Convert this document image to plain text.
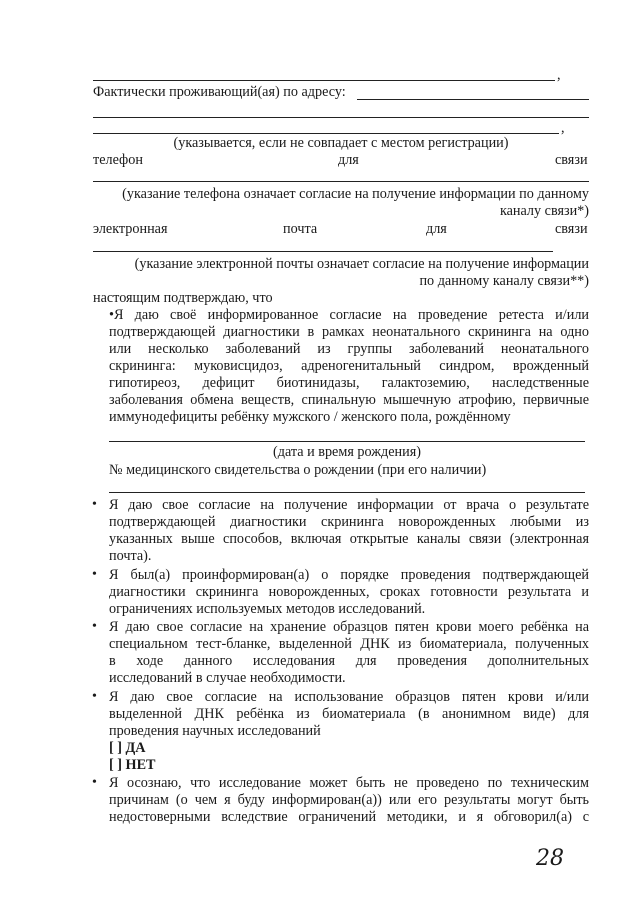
,
Фактически проживающий(ая) по адресу:
,
(указывается, если не совпадает с местом регистрации)
телефон	для	связи
(указание телефона означает согласие на получение информации по данному
каналу связи*)
электронная	почта	для	связи
(указание электронной почты означает согласие на получение информации
по данному каналу связи**)
настоящим подтверждаю, что
•Я даю своё информированное согласие на проведение ретеста и/или
подтверждающей диагностики в рамках неонатального скрининга на одно
или несколько заболеваний из группы заболеваний неонатального
скрининга: муковисцидоз, адреногенитальный синдром, врожденный
гипотиреоз, дефицит биотинидазы, галактоземию, наследственные
заболевания обмена веществ, спинальную мышечную атрофию, первичные
иммунодефициты ребёнку мужского / женского пола, рождённому
(дата и время рождения)
№ медицинского свидетельства о рождении (при его наличии)
• Я даю свое согласие на получение информации от врача о результате
подтверждающей диагностики скрининга новорожденных любыми из
указанных выше способов, включая открытые каналы связи (электронная
почта).
• Я был(а) проинформирован(а) о порядке проведения подтверждающей
диагностики скрининга новорожденных, сроках готовности результата и
ограничениях используемых методов исследований.
• Я даю свое согласие на хранение образцов пятен крови моего ребёнка на
специальном тест-бланке, выделенной ДНК из биоматериала, полученных
в ходе данного исследования для проведения дополнительных
исследований в случае необходимости.
• Я даю свое согласие на использование образцов пятен крови и/или
выделенной ДНК ребёнка из биоматериала (в анонимном виде) для
проведения научных исследований
[ ] ДА
[ ] НЕТ
• Я осознаю, что исследование может быть не проведено по техническим
причинам (о чем я буду информирован(а)) или его результаты могут быть
недостоверными вследствие ограничений методики, и я обговорил(а) с
28
